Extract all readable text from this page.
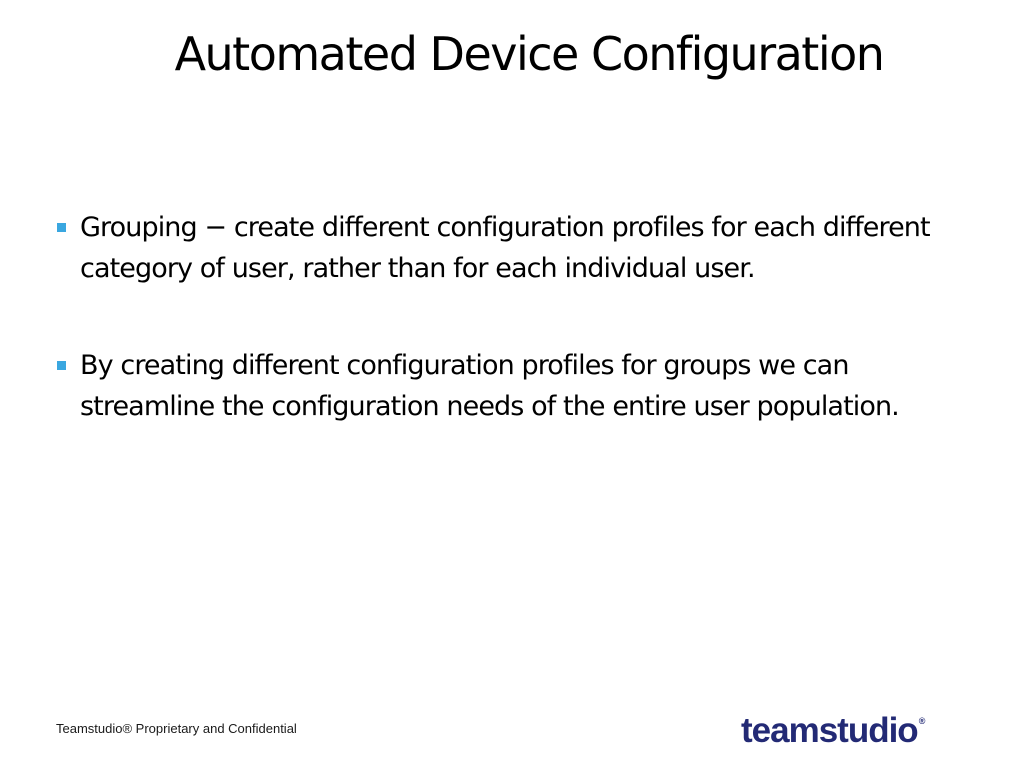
Automated Device Configuration
Grouping − create different configuration profiles for each different category of user, rather than for each individual user.
By creating different configuration profiles for groups we can streamline the configuration needs of the entire user population.
Teamstudio® Proprietary and Confidential	teamstudio®
